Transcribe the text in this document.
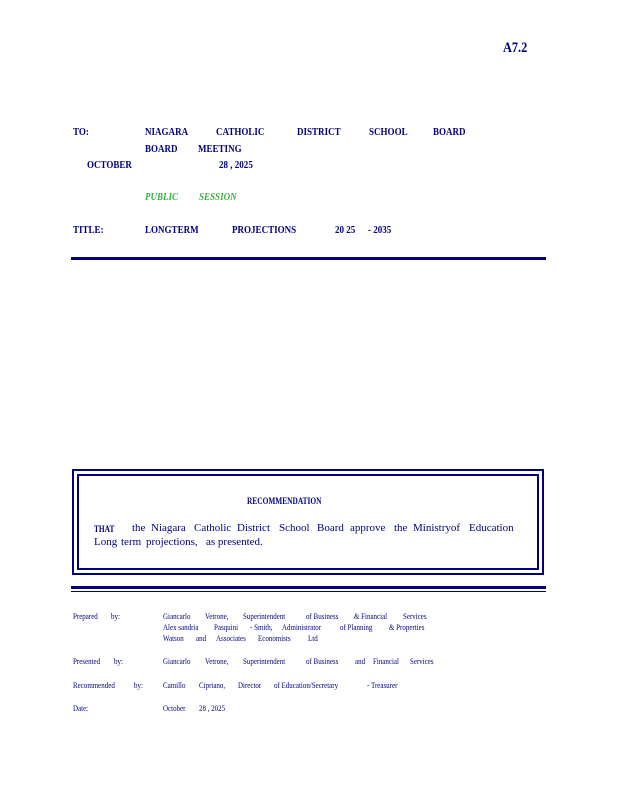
A7.2
TO:	NIAGARA	CATHOLIC	DISTRICT	SCHOOL BOARD
BOARD MEETING
OCTOBER	28 , 2025
PUBLIC SESSION
TITLE:	LONGTERM	PROJECTIONS	20 25 - 2035
RECOMMENDATION
THAT the Niagara Catholic District School Board approve the Ministryof Education
Long term projections, as presented.
Prepared by:	Giancarlo Vetrone, Superintendent of Business & Financial Services
Alex sandria Pasquini - Smith, Administrator of Planning & Properties
Watson and Associates Economists Ltd
Presented by:	Giancarlo Vetrone, Superintendent of Business and Financial Services
Recommended by: Camillo Cipriano, Director of Education/Secretary	- Treasurer
Date:	October 28 , 2025
